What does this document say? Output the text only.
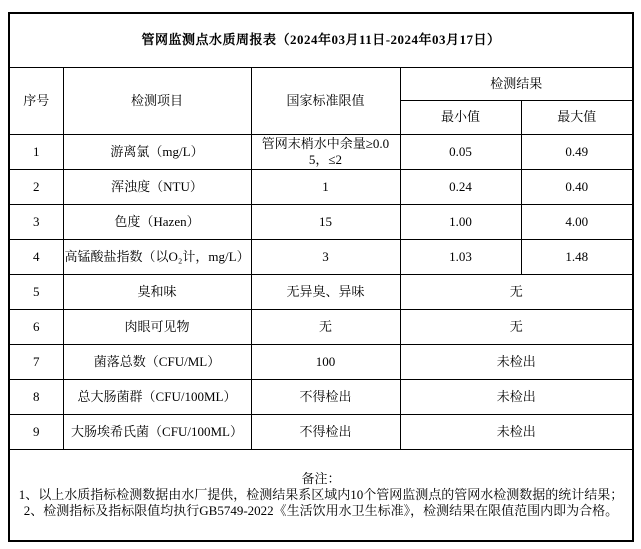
管网监测点水质周报表（2024年03月11日-2024年03月17日）				
序号	检测项目	国家标准限值	检测结果	
			最小值	最大值
1	游离氯（mg/L）	管网末梢水中余量≥0.05，≤2	0.05	0.49
2	浑浊度（NTU）	1	0.24	0.40
3	色度（Hazen）	15	1.00	4.00
4	高锰酸盐指数（以O₂计，mg/L）	3	1.03	1.48
5	臭和味	无异臭、异味	无	
6	肉眼可见物	无	无	
7	菌落总数（CFU/ML）	100	未检出	
8	总大肠菌群（CFU/100ML）	不得检出	未检出	
9	大肠埃希氏菌（CFU/100ML）	不得检出	未检出	

备注：
1、以上水质指标检测数据由水厂提供，检测结果系区域内10个管网监测点的管网水检测数据的统计结果；
2、检测指标及指标限值均执行GB5749-2022《生活饮用水卫生标准》，检测结果在限值范围内即为合格。				
